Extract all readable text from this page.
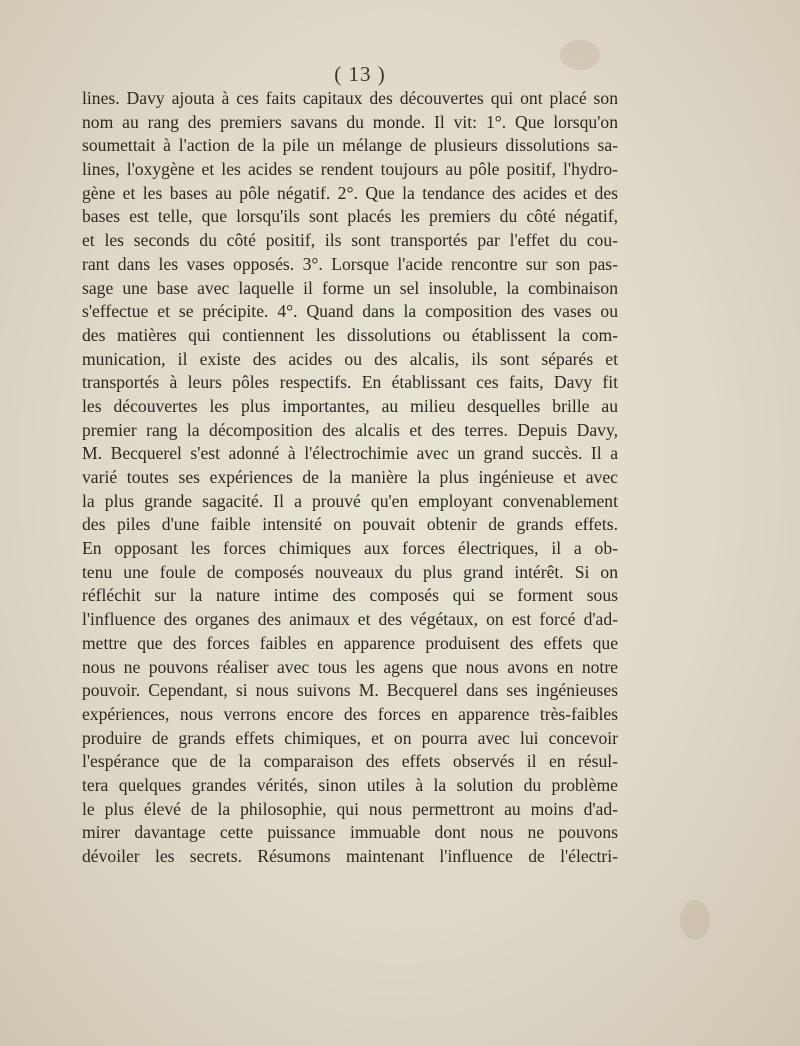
( 13 )
lines. Davy ajouta à ces faits capitaux des découvertes qui ont placé son
nom au rang des premiers savans du monde. Il vit: 1°. Que lorsqu'on
soumettait à l'action de la pile un mélange de plusieurs dissolutions sa-
lines, l'oxygène et les acides se rendent toujours au pôle positif, l'hydro-
gène et les bases au pôle négatif. 2°. Que la tendance des acides et des
bases est telle, que lorsqu'ils sont placés les premiers du côté négatif,
et les seconds du côté positif, ils sont transportés par l'effet du cou-
rant dans les vases opposés. 3°. Lorsque l'acide rencontre sur son pas-
sage une base avec laquelle il forme un sel insoluble, la combinaison
s'effectue et se précipite. 4°. Quand dans la composition des vases ou
des matières qui contiennent les dissolutions ou établissent la com-
munication, il existe des acides ou des alcalis, ils sont séparés et
transportés à leurs pôles respectifs. En établissant ces faits, Davy fit
les découvertes les plus importantes, au milieu desquelles brille au
premier rang la décomposition des alcalis et des terres. Depuis Davy,
M. Becquerel s'est adonné à l'électrochimie avec un grand succès. Il a
varié toutes ses expériences de la manière la plus ingénieuse et avec
la plus grande sagacité. Il a prouvé qu'en employant convenablement
des piles d'une faible intensité on pouvait obtenir de grands effets.
En opposant les forces chimiques aux forces électriques, il a ob-
tenu une foule de composés nouveaux du plus grand intérêt. Si on
réfléchit sur la nature intime des composés qui se forment sous
l'influence des organes des animaux et des végétaux, on est forcé d'ad-
mettre que des forces faibles en apparence produisent des effets que
nous ne pouvons réaliser avec tous les agens que nous avons en notre
pouvoir. Cependant, si nous suivons M. Becquerel dans ses ingénieuses
expériences, nous verrons encore des forces en apparence très-faibles
produire de grands effets chimiques, et on pourra avec lui concevoir
l'espérance que de la comparaison des effets observés il en résul-
tera quelques grandes vérités, sinon utiles à la solution du problème
le plus élevé de la philosophie, qui nous permettront au moins d'ad-
mirer davantage cette puissance immuable dont nous ne pouvons
dévoiler les secrets. Résumons maintenant l'influence de l'électri-
